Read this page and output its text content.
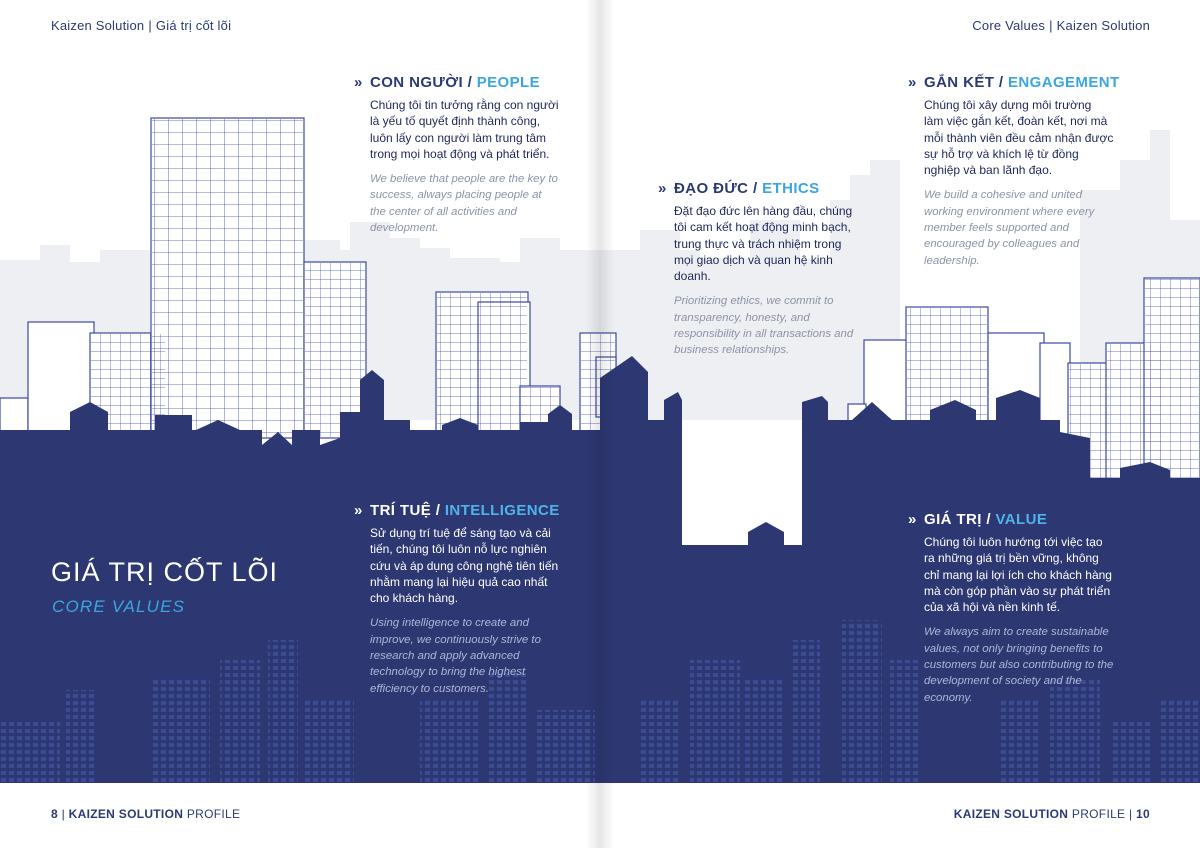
Kaizen Solution | Giá trị cốt lõi	Core Values | Kaizen Solution
GIÁ TRỊ CỐT LÕI
CORE VALUES
» CON NGƯỜI / PEOPLE
Chúng tôi tin tưởng rằng con người là yếu tố quyết định thành công, luôn lấy con người làm trung tâm trong mọi hoạt động và phát triển.
We believe that people are the key to success, always placing people at the center of all activities and development.
» TRÍ TUỆ / INTELLIGENCE
Sử dụng trí tuệ để sáng tạo và cải tiến, chúng tôi luôn nỗ lực nghiên cứu và áp dụng công nghệ tiên tiến nhằm mang lại hiệu quả cao nhất cho khách hàng.
Using intelligence to create and improve, we continuously strive to research and apply advanced technology to bring the highest efficiency to customers.
» ĐẠO ĐỨC / ETHICS
Đặt đạo đức lên hàng đầu, chúng tôi cam kết hoạt động minh bạch, trung thực và trách nhiệm trong mọi giao dịch và quan hệ kinh doanh.
Prioritizing ethics, we commit to transparency, honesty, and responsibility in all transactions and business relationships.
» GẮN KẾT / ENGAGEMENT
Chúng tôi xây dựng môi trường làm việc gắn kết, đoàn kết, nơi mà mỗi thành viên đều cảm nhận được sự hỗ trợ và khích lệ từ đồng nghiệp và ban lãnh đạo.
We build a cohesive and united working environment where every member feels supported and encouraged by colleagues and leadership.
» GIÁ TRỊ / VALUE
Chúng tôi luôn hướng tới việc tạo ra những giá trị bền vững, không chỉ mang lại lợi ích cho khách hàng mà còn góp phần vào sự phát triển của xã hội và nền kinh tế.
We always aim to create sustainable values, not only bringing benefits to customers but also contributing to the development of society and the economy.
8 | KAIZEN SOLUTION PROFILE	KAIZEN SOLUTION PROFILE | 10
